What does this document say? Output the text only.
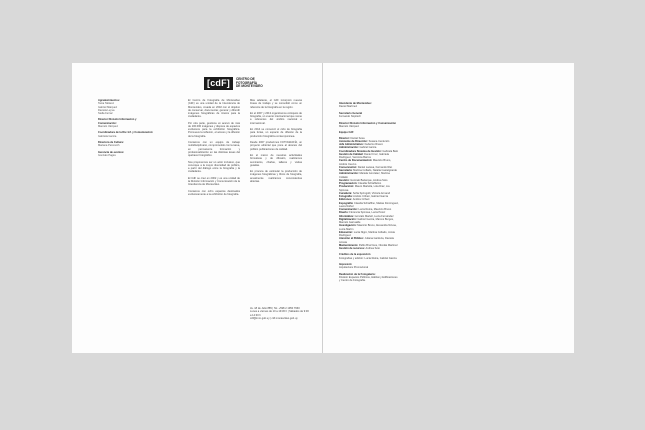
[cdF]	CENTRO DE
FOTOGRAFÍA
DE MONTEVIDEO
Agradecimientos:
Tania Tabárez
Gabriel Márquez
Daniela Leyva
Stella Ferraz
Director División Información y Comunicación:
Marcelo Vázquez
Coordinadora de la Div. Inf. y Comunicación:
Gabriela García
Directora de Cultura:
Mariana Percovich
Gerencia de eventos:
Gonzalo Pagés

El Centro de Fotografía de Montevideo (CdF) es una unidad de la Intendencia de Montevideo, creada en 2002 con el objetivo de conservar, documentar, generar y difundir imágenes fotográficas de interés para la ciudadanía.

Por otra parte, gestiona un acervo de más de 100.000 imágenes y dispone de espacios exclusivos para la exhibición fotográfica. Promueve la reflexión, el acceso y la difusión de la fotografía.

Contamos con un equipo de trabajo multidisciplinario, comprometido con la tarea, en permanente formación y profesionalización en las distintas áreas del quehacer fotográfico.

Nos proponemos ser un actor inclusivo, que convoque a la mayor diversidad de público, a partir del diálogo entre la fotografía y la ciudadanía.

El CdF se creó en 2002 y es una unidad de la División Información y Comunicación de la Intendencia de Montevideo.

Contamos con ocho espacios destinados exclusivamente a la exhibición de fotografía.

Más adelante, el CdF incorporó nuevas líneas de trabajo y se consolidó como un referente de la fotografía en la región.

En el 2007 y 2013 organizamos coloquios de fotografía, un evento internacional que reúne a referentes del ámbito nacional e internacional.

En 2014 se comenzó el ciclo de fotografía para ferias, un espacio de difusión de la producción fotográfica contemporánea.

Desde 2007 producimos FOTOGRAFÍA, un proyecto editorial que pone al alcance del público publicaciones de calidad.

En el marco de nuestras actividades formativas y de difusión, realizamos seminarios, charlas, talleres y visitas guiadas.

En procura de estimular la producción de imágenes fotográficas y libros de fotografía, anualmente realizamos convocatorias abiertas.

Av. 18 de Julio 885 | Tel. +598 2 1950 7960
Lunes a viernes de 10 a 19:30 h | Sábados de 9:30 a 14:30 h
cdf@imm.gub.uy | cdf.montevideo.gub.uy
Intendente de Montevideo:
Daniel Martínez
Secretario General
Fernando Nopitsch
Director División Información y Comunicación
Marcelo Vázquez
Equipo CdF
Director: Daniel Sosa
Asistente de Dirección: Susana Centurión
Jefe Administrativo: Federico Rivero
Administración: Gabriel García
Coordinadora Sistema de Gestión: Gabriela Belo
Gestión de Calidad: Daniel Cruz, Gabriela Rodríguez, Verónica Barros
Centro de Documentación: Mauricio Bruno, Andrés Cuervo
Conservación: Daniel Lacava, Fernando Riet
Secretaría: Martina Collado, Natalia Castelgrande
Administración: Mariela Gonzalez, Martina Collado
Gestión: Gonzalo Bazerque, Andrea Soto
Programación: Claudia Schiaffarino
Producción: Mauro Martella, Lola Díaz, Lía Spinosa
Curaduría: Sofía Springolli, Victoria Armand
Fotografía: Andrés Cribari, Gabriel García
Ediciones: Andrés Cribari
Espografía: Claudia Schiaffino, Matías Domínguez, Laura Núñez
Comunicación: Lucía Reina, Mauricio Bruno
Diseño: Florencia Spinosa, Lucía Pérez
Informática: Gonzalo Martell, Lucía Fernández
Digitalización: Gabriel García, Marcos Burgos, Marcelo Isarrualde
Investigación: Mauricio Bruno, Alexandra Nóvoa, Lucía Martín
Educación: Lucía Nigro, Martina Collado, Jonás Rodríguez
Atención al Público: Juliana Garduza, Daniela Acosta
Mantenimiento: Pablo Bruzzone, Nicolás Martinez
Gestión de recursos: Andrea Soto
Créditos de la exposición
Fotografías y edición: Lucía Reina, Gabriel García
Impresión:
Arquitectura Promocional
Realización de la Fotogalería:
División Espacios Públicos, Hábitat y Edificaciones y Centro de Fotografía.
